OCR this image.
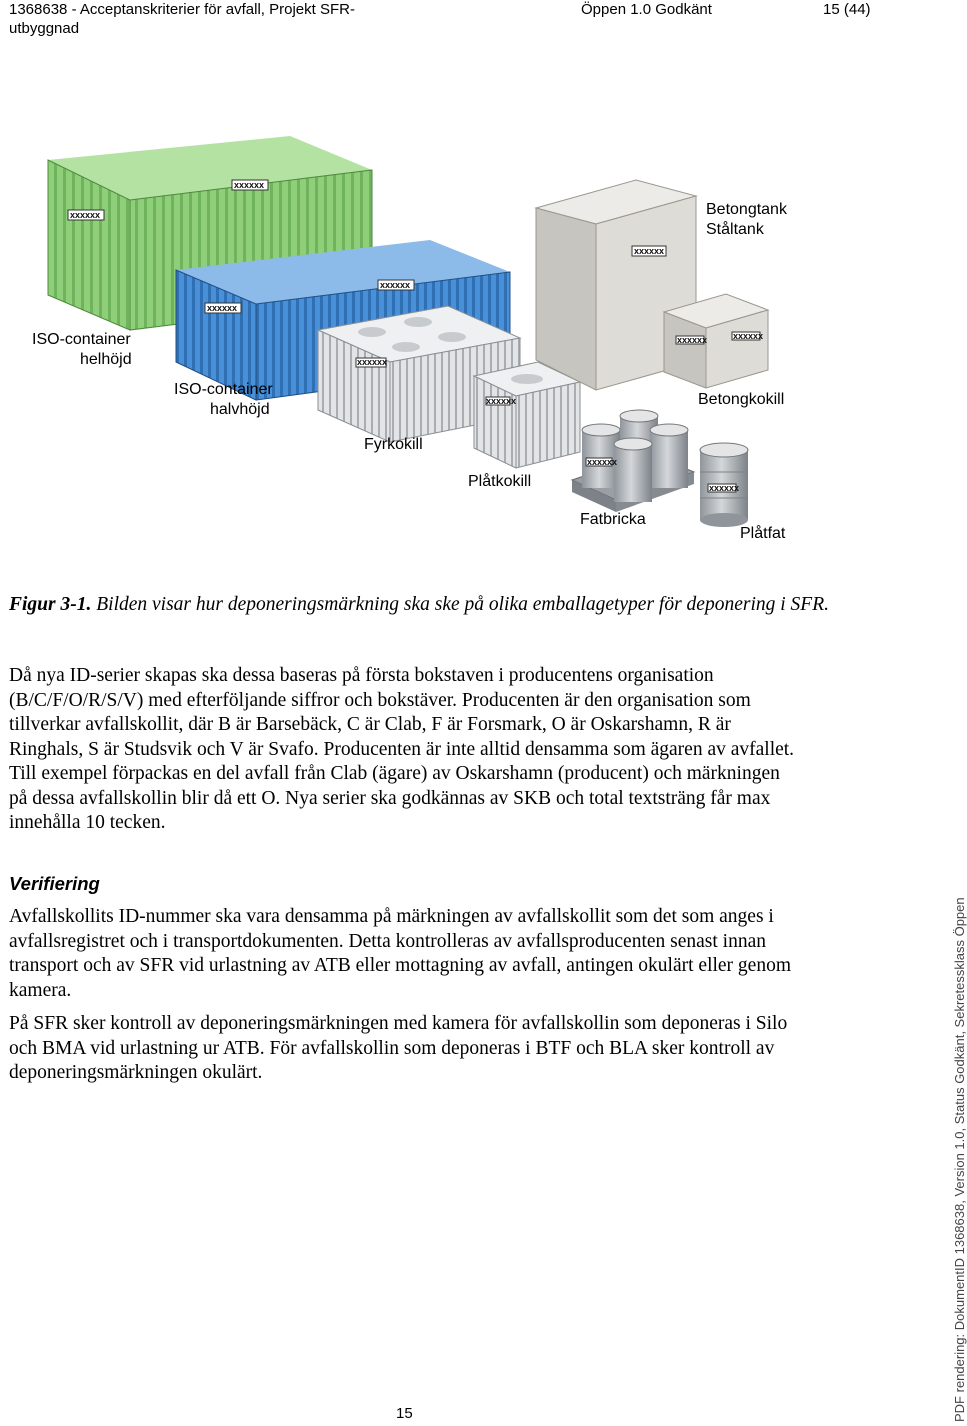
1368638 - Acceptanskriterier för avfall, Projekt SFR-utbyggnad
Öppen 1.0 Godkänt	15 (44)
xxxxxx
xxxxxx
xxxxxx
xxxxxx
xxxxxx
xxxxxx
xxxxxx
xxxxxx	xxxxxx
xxxxxx
xxxxxx
ISO-container
helhöjd
ISO-container
halvhöjd
Fyrkokill
Plåtkokill
Betongtank
Ståltank
Betongkokill
Fatbricka
Plåtfat
Figur 3-1. Bilden visar hur deponeringsmärkning ska ske på olika emballagetyper för deponering i SFR.

Då nya ID-serier skapas ska dessa baseras på första bokstaven i producentens organisation (B/C/F/O/R/S/V) med efterföljande siffror och bokstäver. Producenten är den organisation som tillverkar avfallskollit, där B är Barsebäck, C är Clab, F är Forsmark, O är Oskarshamn, R är Ringhals, S är Studsvik och V är Svafo. Producenten är inte alltid densamma som ägaren av avfallet. Till exempel förpackas en del avfall från Clab (ägare) av Oskarshamn (producent) och märkningen på dessa avfallskollin blir då ett O. Nya serier ska godkännas av SKB och total textsträng får max innehålla 10 tecken.

Verifiering

Avfallskollits ID-nummer ska vara densamma på märkningen av avfallskollit som det som anges i avfallsregistret och i transportdokumenten. Detta kontrolleras av avfallsproducenten senast innan transport och av SFR vid urlastning av ATB eller mottagning av avfall, antingen okulärt eller genom kamera.

På SFR sker kontroll av deponeringsmärkningen med kamera för avfallskollin som deponeras i Silo och BMA vid urlastning ur ATB. För avfallskollin som deponeras i BTF och BLA sker kontroll av deponeringsmärkningen okulärt.

15	PDF rendering: DokumentID 1368638, Version 1.0, Status Godkänt, Sekretessklass Öppen
